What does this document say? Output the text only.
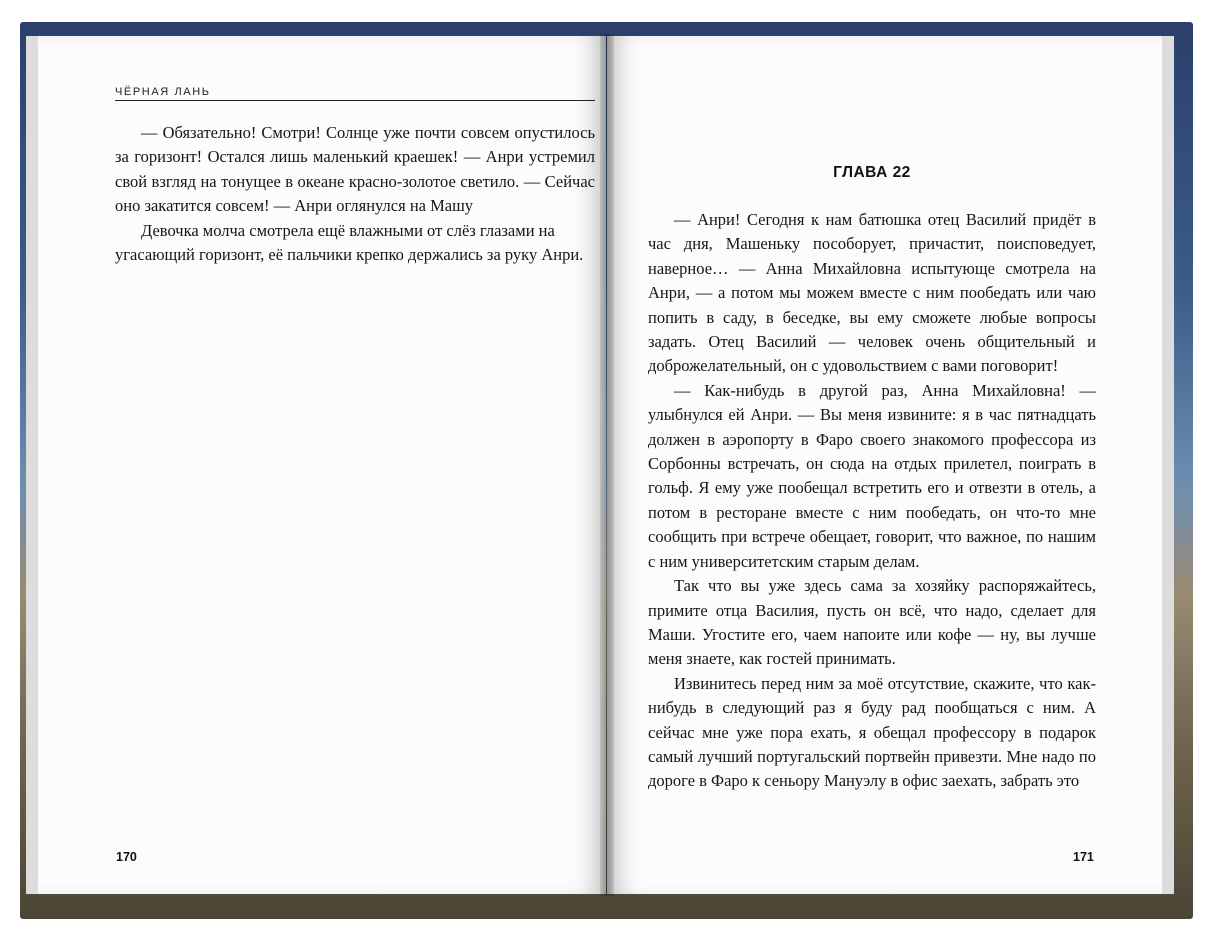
ЧЁРНАЯ ЛАНЬ

— Обязательно! Смотри! Солнце уже почти совсем опустилось за горизонт! Остался лишь маленький краешек! — Анри устремил свой взгляд на тонущее в океане красно-золотое светило. — Сейчас оно закатится совсем! — Анри оглянулся на Машу

Девочка молча смотрела ещё влажными от слёз глазами на угасающий горизонт, её пальчики крепко держались за руку Анри.

170
ГЛАВА 22

— Анри! Сегодня к нам батюшка отец Василий придёт в час дня, Машеньку пособорует, причастит, поисповедует, наверное… — Анна Михайловна испытующе смотрела на Анри, — а потом мы можем вместе с ним пообедать или чаю попить в саду, в беседке, вы ему сможете любые вопросы задать. Отец Василий — человек очень общительный и доброжелательный, он с удовольствием с вами поговорит!

— Как-нибудь в другой раз, Анна Михайловна! — улыбнулся ей Анри. — Вы меня извините: я в час пятнадцать должен в аэропорту в Фаро своего знакомого профессора из Сорбонны встречать, он сюда на отдых прилетел, поиграть в гольф. Я ему уже пообещал встретить его и отвезти в отель, а потом в ресторане вместе с ним пообедать, он что-то мне сообщить при встрече обещает, говорит, что важное, по нашим с ним университетским старым делам.

Так что вы уже здесь сама за хозяйку распоряжайтесь, примите отца Василия, пусть он всё, что надо, сделает для Маши. Угостите его, чаем напоите или кофе — ну, вы лучше меня знаете, как гостей принимать.

Извинитесь перед ним за моё отсутствие, скажите, что как-нибудь в следующий раз я буду рад пообщаться с ним. А сейчас мне уже пора ехать, я обещал профессору в подарок самый лучший португальский портвейн привезти. Мне надо по дороге в Фаро к сеньору Мануэлу в офис заехать, забрать это

171
